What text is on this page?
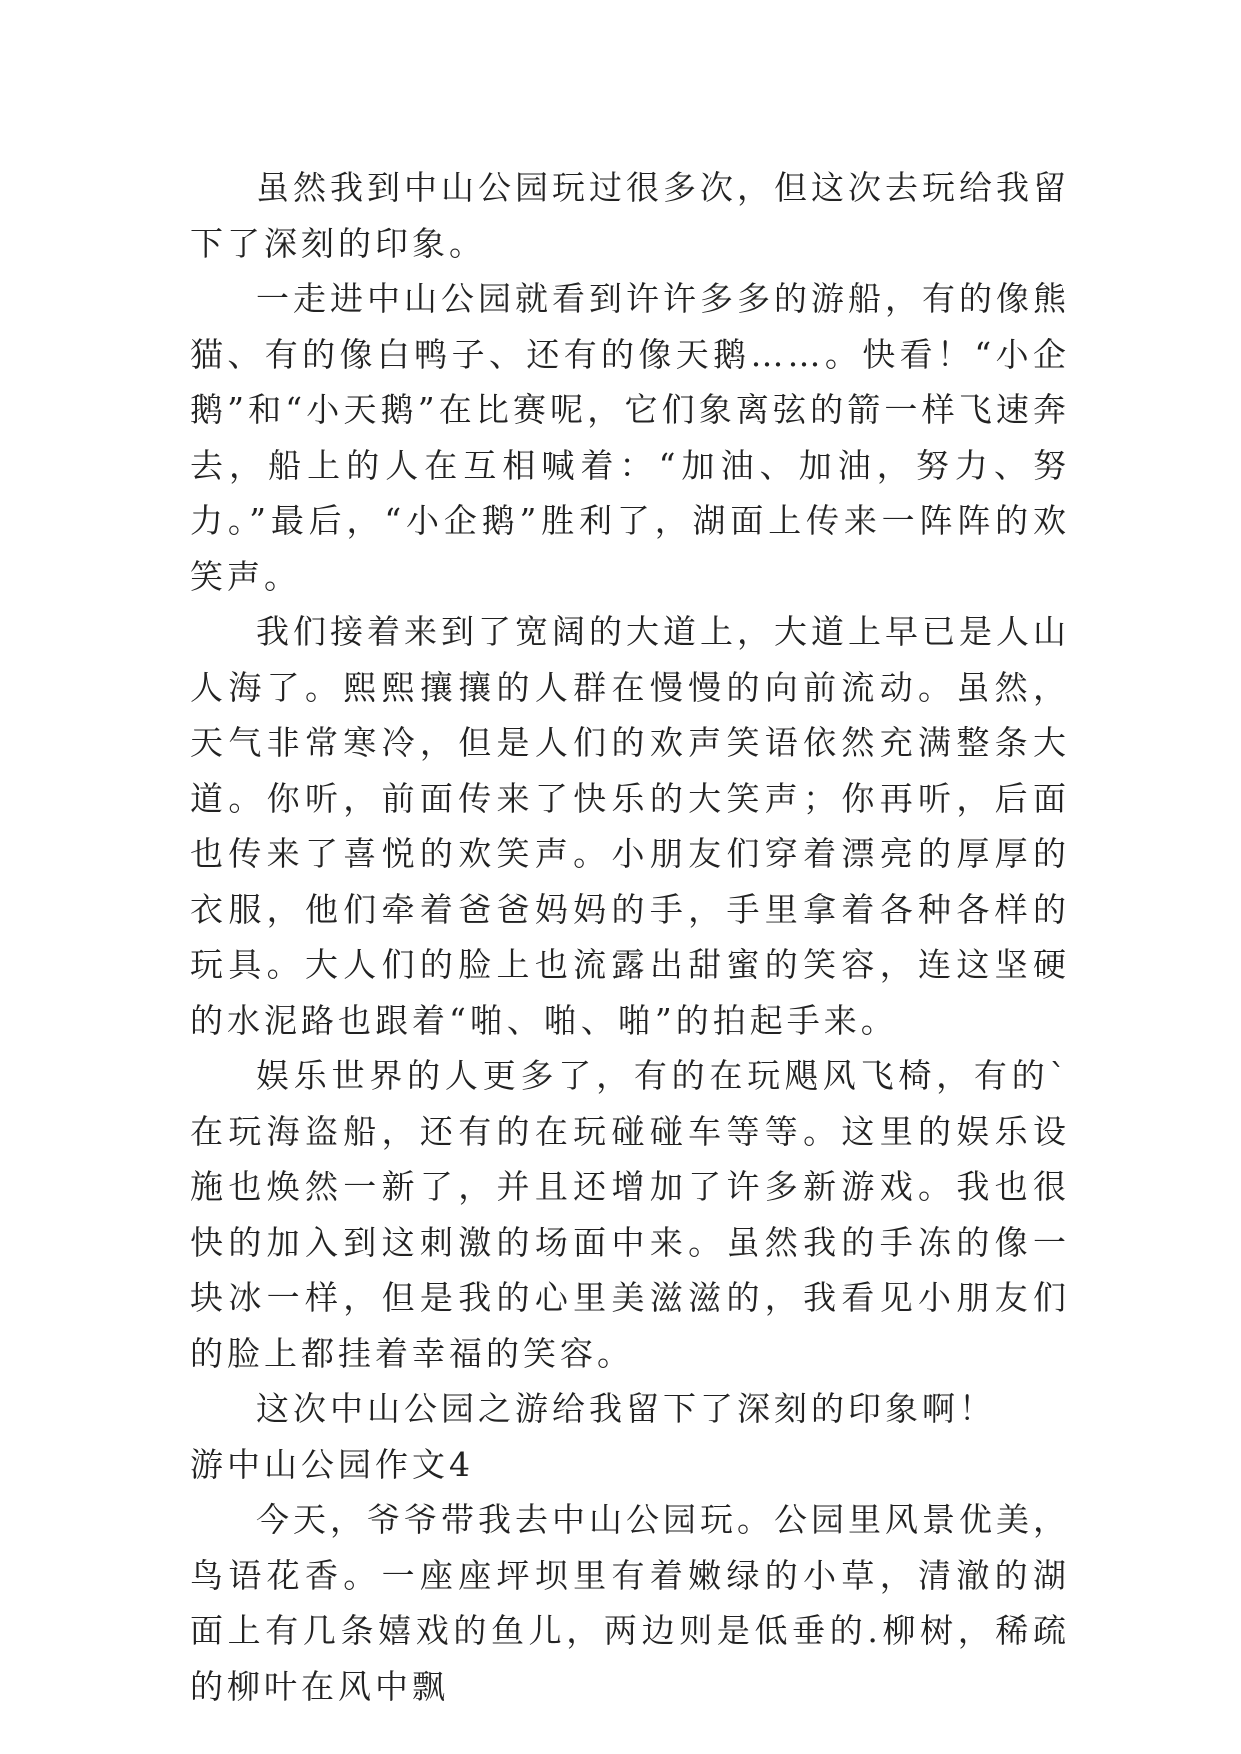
虽然我到中山公园玩过很多次，但这次去玩给我留下了深刻的印象。

一走进中山公园就看到许许多多的游船，有的像熊猫、有的像白鸭子、还有的像天鹅……。快看！“小企鹅”和“小天鹅”在比赛呢，它们象离弦的箭一样飞速奔去，船上的人在互相喊着：“加油、加油，努力、努力。”最后，“小企鹅”胜利了，湖面上传来一阵阵的欢笑声。

我们接着来到了宽阔的大道上，大道上早已是人山人海了。熙熙攘攘的人群在慢慢的向前流动。虽然，天气非常寒冷，但是人们的欢声笑语依然充满整条大道。你听，前面传来了快乐的大笑声；你再听，后面也传来了喜悦的欢笑声。小朋友们穿着漂亮的厚厚的衣服，他们牵着爸爸妈妈的手，手里拿着各种各样的玩具。大人们的脸上也流露出甜蜜的笑容，连这坚硬的水泥路也跟着“啪、啪、啪”的拍起手来。

娱乐世界的人更多了，有的在玩飓风飞椅，有的`在玩海盗船，还有的在玩碰碰车等等。这里的娱乐设施也焕然一新了，并且还增加了许多新游戏。我也很快的加入到这刺激的场面中来。虽然我的手冻的像一块冰一样，但是我的心里美滋滋的，我看见小朋友们的脸上都挂着幸福的笑容。

这次中山公园之游给我留下了深刻的印象啊！

游中山公园作文4

今天，爷爷带我去中山公园玩。公园里风景优美，鸟语花香。一座座坪坝里有着嫩绿的小草，清澈的湖面上有几条嬉戏的鱼儿，两边则是低垂的.柳树，稀疏的柳叶在风中飘
